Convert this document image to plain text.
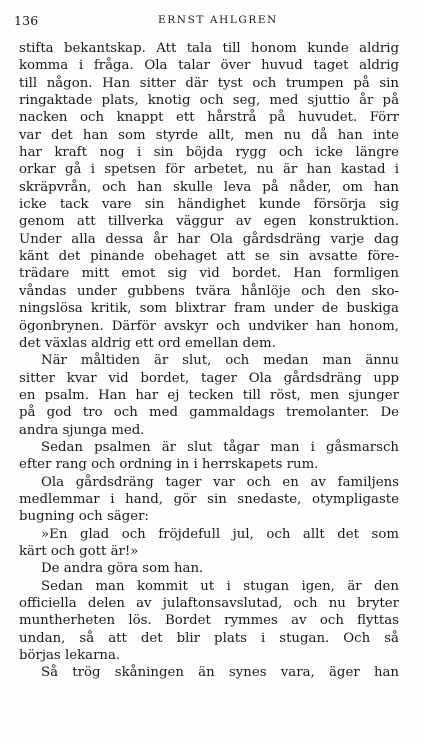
136	ERNST AHLGREN
stifta bekantskap. Att tala till honom kunde aldrig
komma i fråga. Ola talar över huvud taget aldrig
till någon. Han sitter där tyst och trumpen på sin
ringaktade plats, knotig och seg, med sjuttio år på
nacken och knappt ett hårstrå på huvudet. Förr
var det han som styrde allt, men nu då han inte
har kraft nog i sin böjda rygg och icke längre
orkar gå i spetsen för arbetet, nu är han kastad i
skräpvrån, och han skulle leva på nåder, om han
icke tack vare sin händighet kunde försörja sig
genom att tillverka väggur av egen konstruktion.
Under alla dessa år har Ola gårdsdräng varje dag
känt det pinande obehaget att se sin avsatte före-
trädare mitt emot sig vid bordet. Han formligen
våndas under gubbens tvära hånlöje och den sko-
ningslösa kritik, som blixtrar fram under de buskiga
ögonbrynen. Därför avskyr och undviker han honom,
det växlas aldrig ett ord emellan dem.
När måltiden är slut, och medan man ännu
sitter kvar vid bordet, tager Ola gårdsdräng upp
en psalm. Han har ej tecken till röst, men sjunger
på god tro och med gammaldags tremolanter. De
andra sjunga med.
Sedan psalmen är slut tågar man i gåsmarsch
efter rang och ordning in i herrskapets rum.
Ola gårdsdräng tager var och en av familjens
medlemmar i hand, gör sin snedaste, otympligaste
bugning och säger:
»En glad och fröjdefull jul, och allt det som
kärt och gott är!»
De andra göra som han.
Sedan man kommit ut i stugan igen, är den
officiella delen av julaftonsavslutad, och nu bryter
muntherheten lös. Bordet rymmes av och flyttas
undan, så att det blir plats i stugan. Och så
börjas lekarna.
Så trög skåningen än synes vara, äger han
